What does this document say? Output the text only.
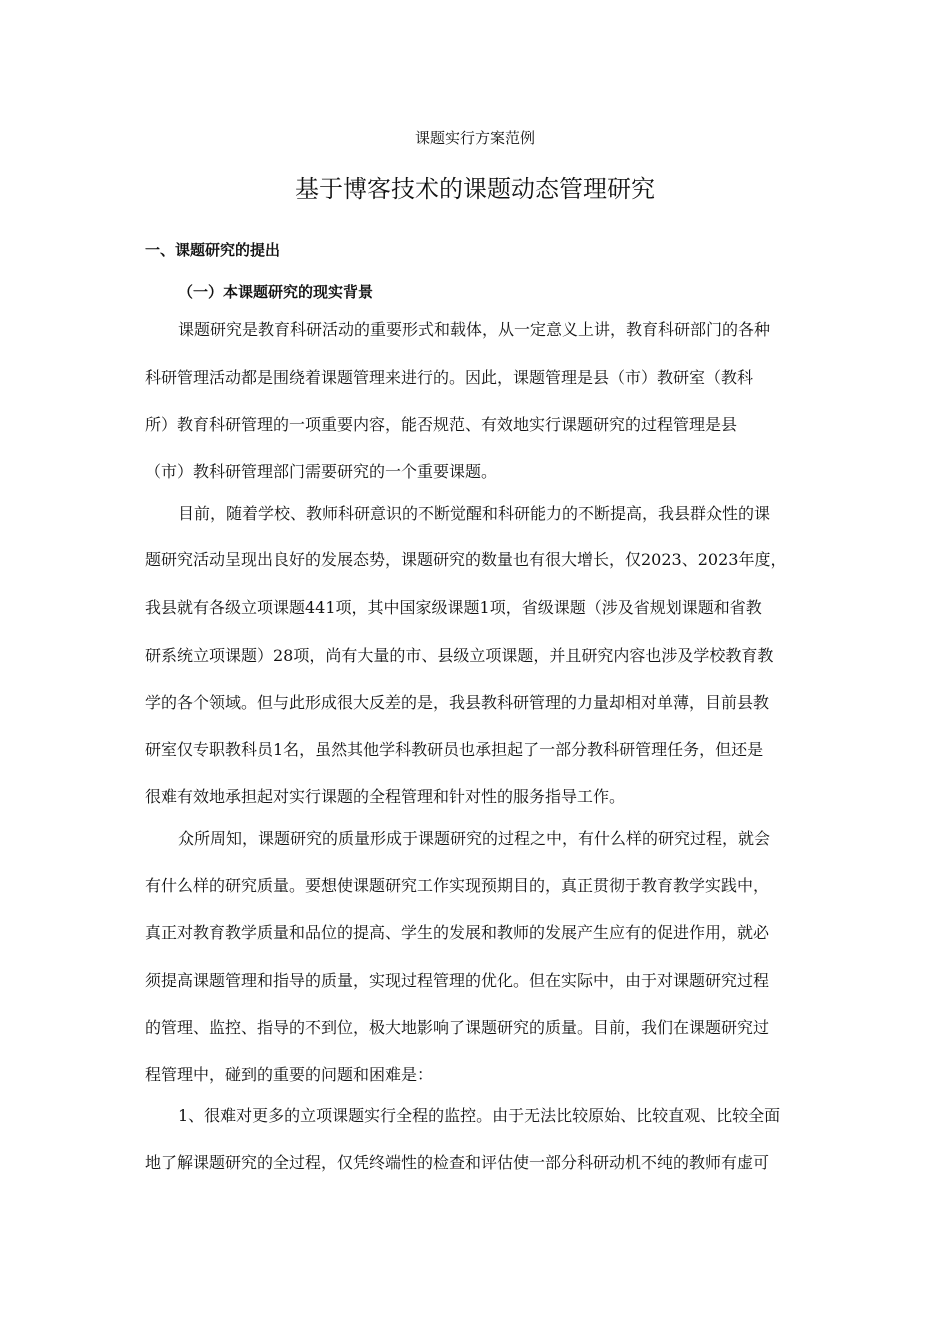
课题实行方案范例
基于博客技术的课题动态管理研究
一、课题研究的提出
（一）本课题研究的现实背景
课题研究是教育科研活动的重要形式和载体，从一定意义上讲，教育科研部门的各种
科研管理活动都是围绕着课题管理来进行的。因此，课题管理是县（市）教研室（教科
所）教育科研管理的一项重要内容，能否规范、有效地实行课题研究的过程管理是县
（市）教科研管理部门需要研究的一个重要课题。
目前，随着学校、教师科研意识的不断觉醒和科研能力的不断提高，我县群众性的课
题研究活动呈现出良好的发展态势，课题研究的数量也有很大增长，仅2023、2023年度，
我县就有各级立项课题441项，其中国家级课题1项，省级课题（涉及省规划课题和省教
研系统立项课题）28项，尚有大量的市、县级立项课题，并且研究内容也涉及学校教育教
学的各个领域。但与此形成很大反差的是，我县教科研管理的力量却相对单薄，目前县教
研室仅专职教科员1名，虽然其他学科教研员也承担起了一部分教科研管理任务，但还是
很难有效地承担起对实行课题的全程管理和针对性的服务指导工作。
众所周知，课题研究的质量形成于课题研究的过程之中，有什么样的研究过程，就会
有什么样的研究质量。要想使课题研究工作实现预期目的，真正贯彻于教育教学实践中，
真正对教育教学质量和品位的提高、学生的发展和教师的发展产生应有的促进作用，就必
须提高课题管理和指导的质量，实现过程管理的优化。但在实际中，由于对课题研究过程
的管理、监控、指导的不到位，极大地影响了课题研究的质量。目前，我们在课题研究过
程管理中，碰到的重要的问题和困难是：
1、很难对更多的立项课题实行全程的监控。由于无法比较原始、比较直观、比较全面
地了解课题研究的全过程，仅凭终端性的检查和评估使一部分科研动机不纯的教师有虚可
